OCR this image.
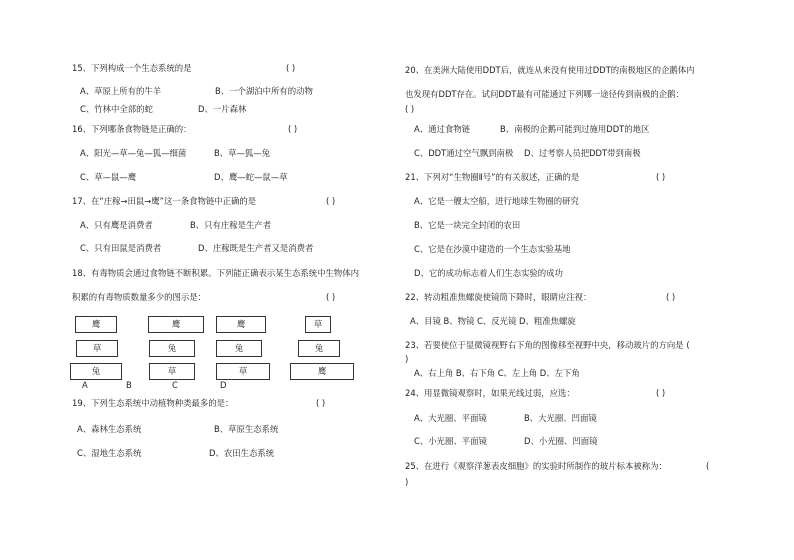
15、下列构成一个生态系统的是	( )
A、草原上所有的牛羊	B、一个湖泊中所有的动物
C、竹林中全部的蛇	D、一片森林
16、下列哪条食物链是正确的：	( )
A、阳光—草—兔—狐—细菌	B、草—狐—兔
C、草—鼠—鹰	D、鹰—蛇—鼠—草
17、在“庄稼→田鼠→鹰”这一条食物链中正确的是	( )
A、只有鹰是消费者	B、只有庄稼是生产者
C、只有田鼠是消费者	D、庄稼既是生产者又是消费者
18、有毒物质会通过食物链不断积累。下列能正确表示某生态系统中生物体内
积累的有毒物质数量多少的图示是：	( )
鹰
草
兔
鹰
兔
草
鹰
兔
草
草
兔
鹰
A	B	C	D
19、下列生态系统中动植物种类最多的是：	( )
A、森林生态系统	B、草原生态系统
C、湿地生态系统	D、农田生态系统
20、在美洲大陆使用DDT后，就连从来没有使用过DDT的南极地区的企鹅体内
也发现有DDT存在。试问DDT最有可能通过下列哪一途径传到南极的企鹅：
( )
A、通过食物链	B、南极的企鹅可能到过施用DDT的地区
C、DDT通过空气飘到南极 D、过考察人员把DDT带到南极
21、下列对“生物圈Ⅱ号”的有关叙述，正确的是	( )
A、它是一艘太空船，进行地球生物圈的研究
B、它是一块完全封闭的农田
C、它是在沙漠中建造的一个生态实验基地
D、它的成功标志着人们生态实验的成功
22、转动粗准焦螺旋使镜筒下降时，眼睛应注视：	( )
A、目镜 B、物镜 C、反光镜 D、粗准焦螺旋
23、若要使位于显微镜视野右下角的图像移至视野中央，移动玻片的方向是 (
)
A、右上角 B、右下角 C、左上角 D、左下角
24、用显微镜观察时，如果光线过弱，应选：	( )
A、大光圈、平面镜	B、大光圈、凹面镜
C、小光圈、平面镜	D、小光圈、凹面镜
25、在进行《观察洋葱表皮细胞》的实验时所制作的玻片标本被称为：	(
)
